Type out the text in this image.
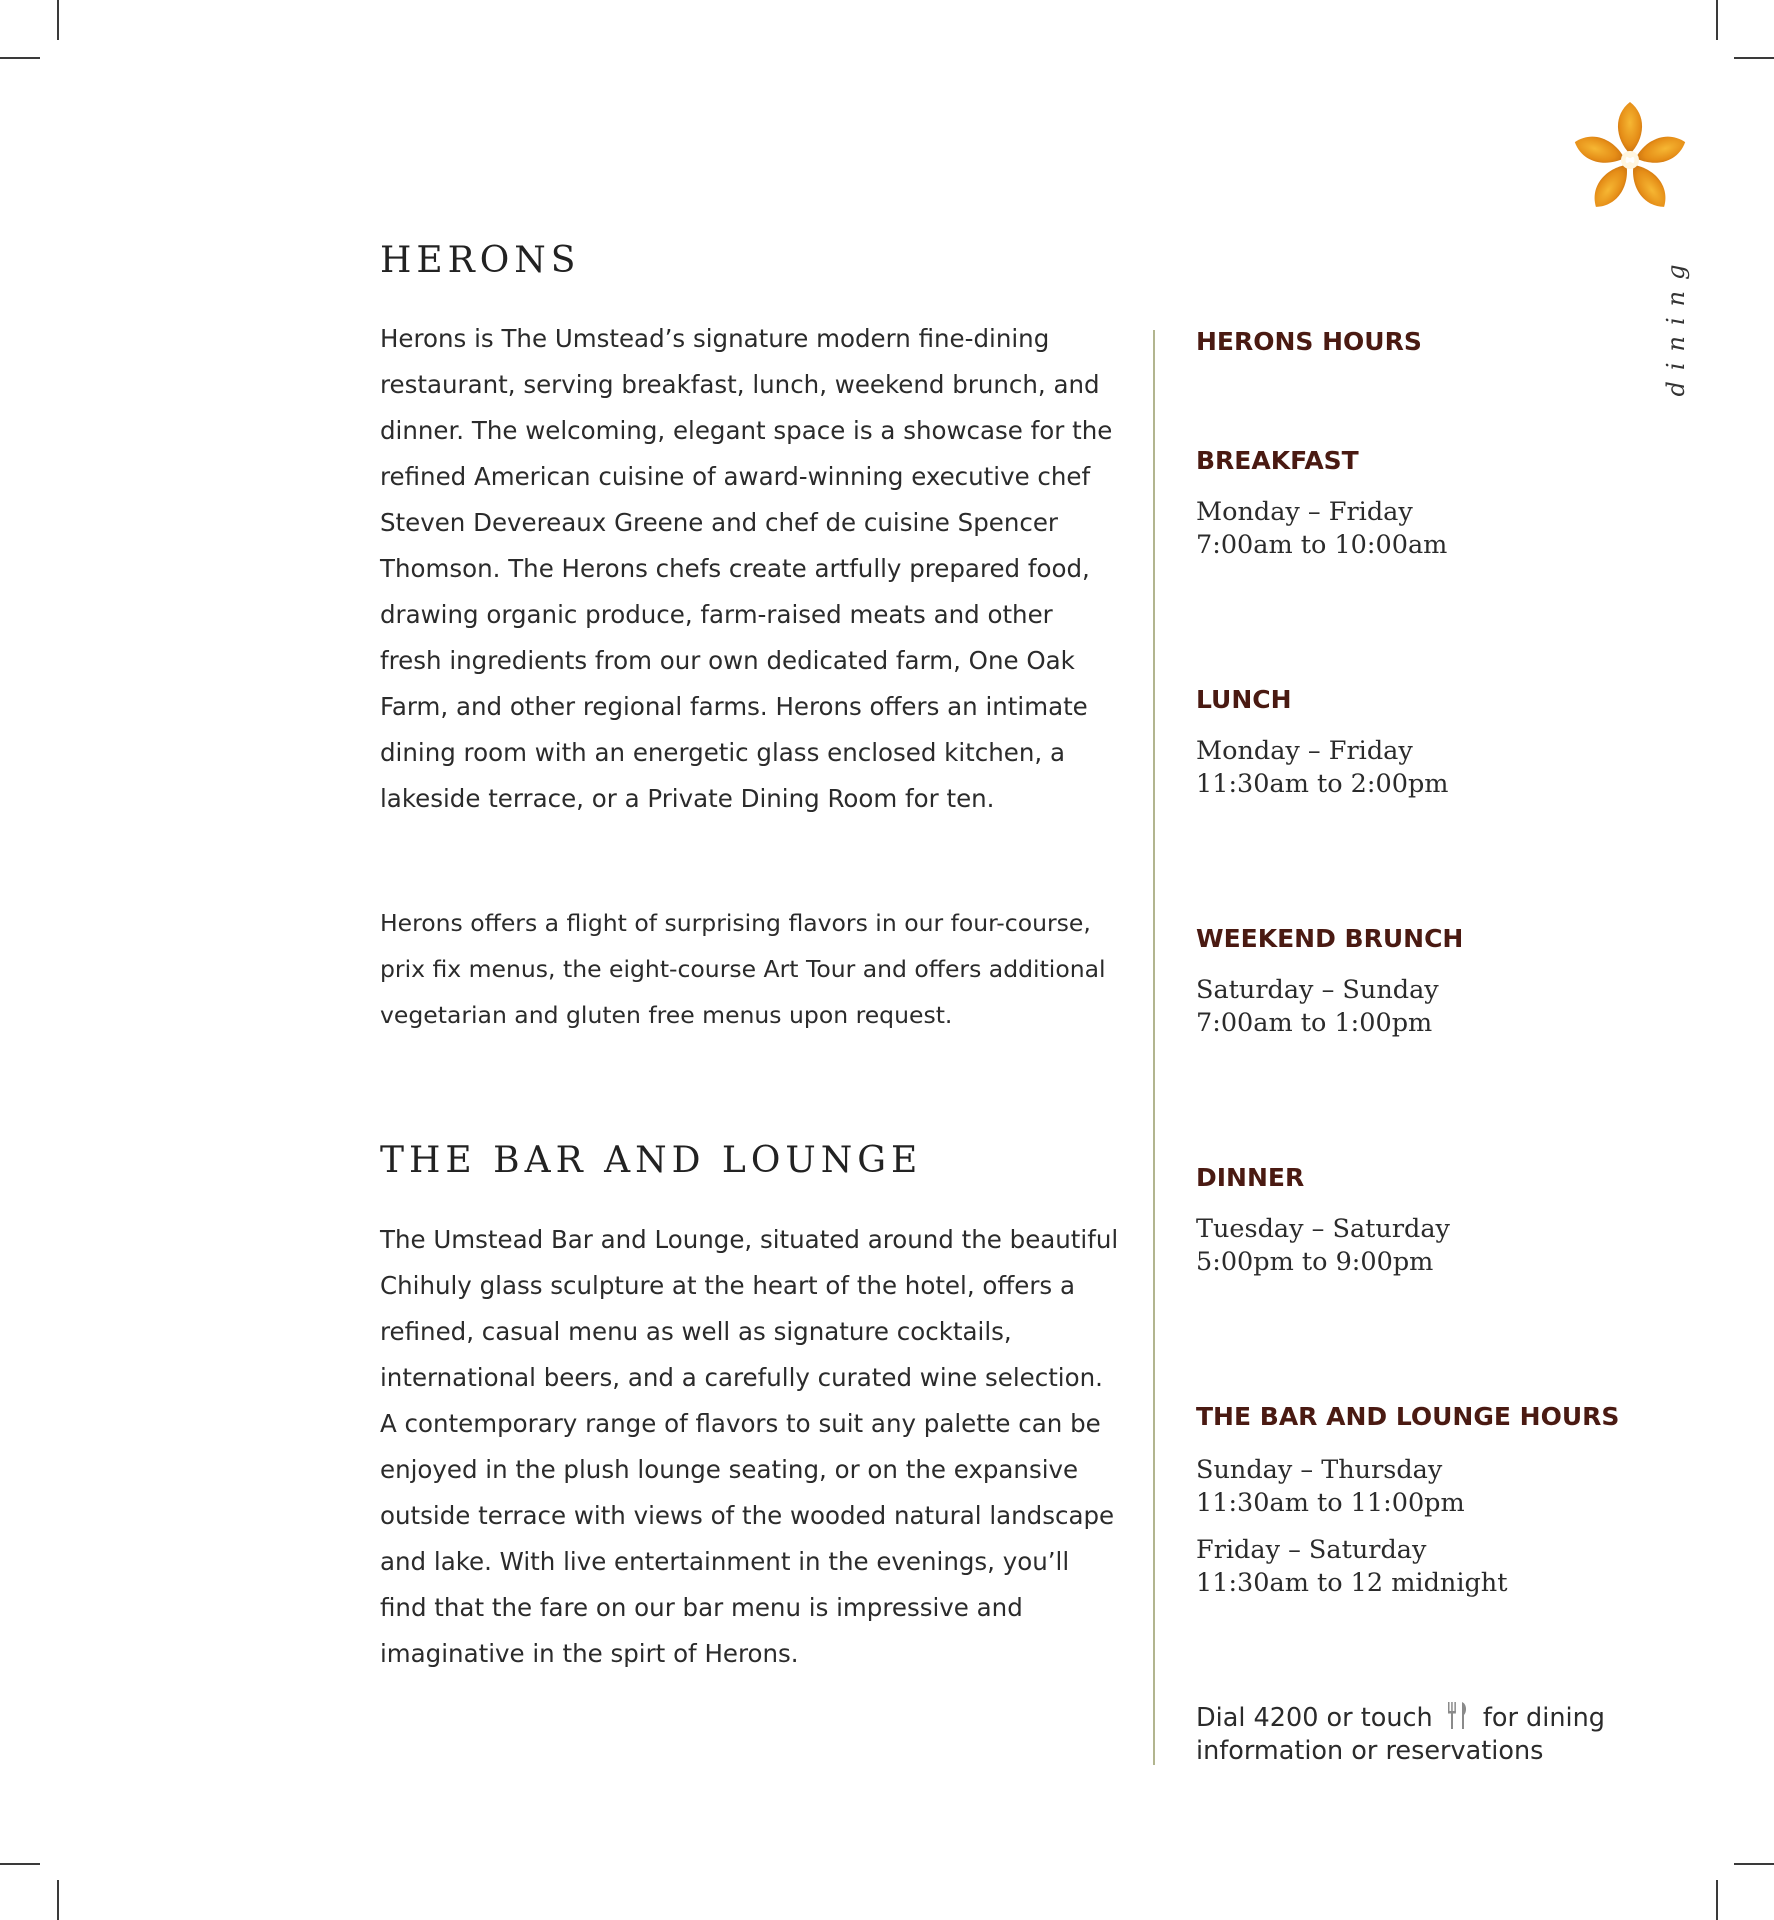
dining
HERONS

Herons is The Umstead’s signature modern fine-dining restaurant, serving breakfast, lunch, weekend brunch, and dinner. The welcoming, elegant space is a showcase for the refined American cuisine of award-winning executive chef Steven Devereaux Greene and chef de cuisine Spencer Thomson. The Herons chefs create artfully prepared food, drawing organic produce, farm-raised meats and other fresh ingredients from our own dedicated farm, One Oak Farm, and other regional farms. Herons offers an intimate dining room with an energetic glass enclosed kitchen, a lakeside terrace, or a Private Dining Room for ten.

Herons offers a flight of surprising flavors in our four-course, prix fix menus, the eight-course Art Tour and offers additional vegetarian and gluten free menus upon request.

THE BAR AND LOUNGE

The Umstead Bar and Lounge, situated around the beautiful Chihuly glass sculpture at the heart of the hotel, offers a refined, casual menu as well as signature cocktails, international beers, and a carefully curated wine selection. A contemporary range of flavors to suit any palette can be enjoyed in the plush lounge seating, or on the expansive outside terrace with views of the wooded natural landscape and lake. With live entertainment in the evenings, you’ll find that the fare on our bar menu is impressive and imaginative in the spirt of Herons.

HERONS HOURS
BREAKFAST
Monday – Friday
7:00am to 10:00am
LUNCH
Monday – Friday
11:30am to 2:00pm
WEEKEND BRUNCH
Saturday – Sunday
7:00am to 1:00pm
DINNER
Tuesday – Saturday
5:00pm to 9:00pm
THE BAR AND LOUNGE HOURS
Sunday – Thursday
11:30am to 11:00pm
Friday – Saturday
11:30am to 12 midnight
Dial 4200 or touch for dining
information or reservations
